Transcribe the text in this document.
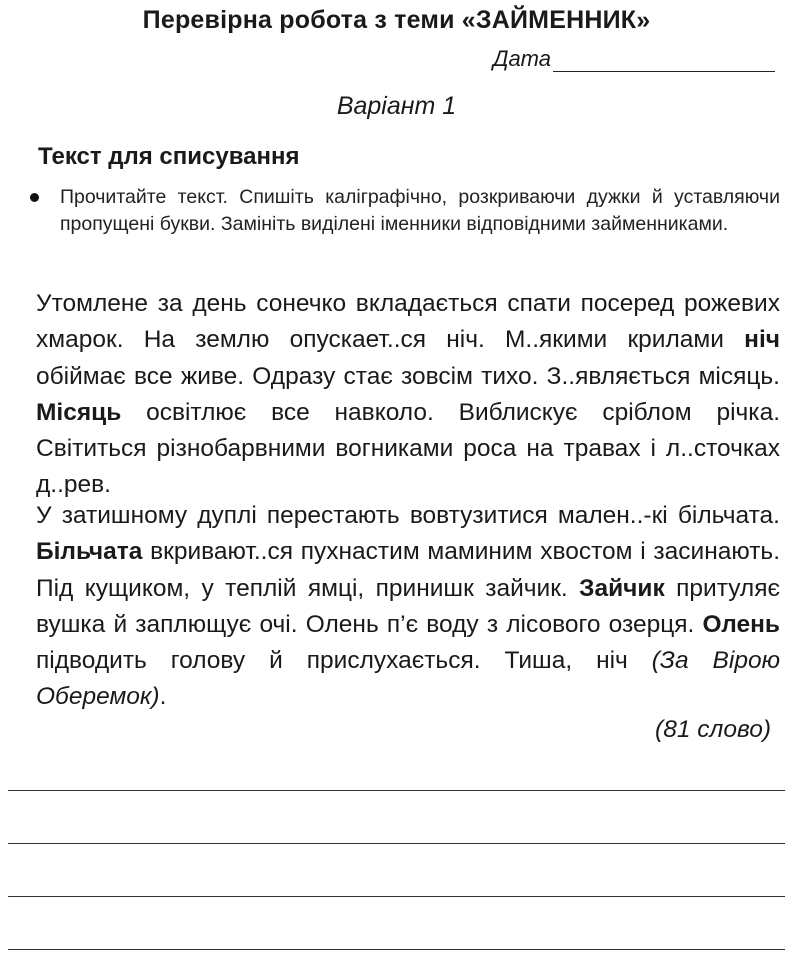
Перевірна робота з теми «ЗАЙМЕННИК»
Дата
Варіант 1
Текст для списування
Прочитайте текст. Спишіть каліграфічно, розкриваючи дужки й уставляючи пропущені букви. Замініть виділені іменники відповідними займенниками.

Утомлене за день сонечко вкладається спати посеред рожевих хмарок. На землю опускает..ся ніч. М..якими крилами ніч обіймає все живе. Одразу стає зовсім тихо. З..являється місяць. Місяць освітлює все навколо. Виблискує сріблом річка. Світиться різнобарвними вогниками роса на травах і л..сточках д..рев.

У затишному дуплі перестають вовтузитися мален..-кі більчата. Більчата вкривают..ся пухнастим маминим хвостом і засинають. Під кущиком, у теплій ямці, принишк зайчик. Зайчик притуляє вушка й заплющує очі. Олень п’є воду з лісового озерця. Олень підводить голову й прислухається. Тиша, ніч (За Вірою Оберемок).

(81 слово)
